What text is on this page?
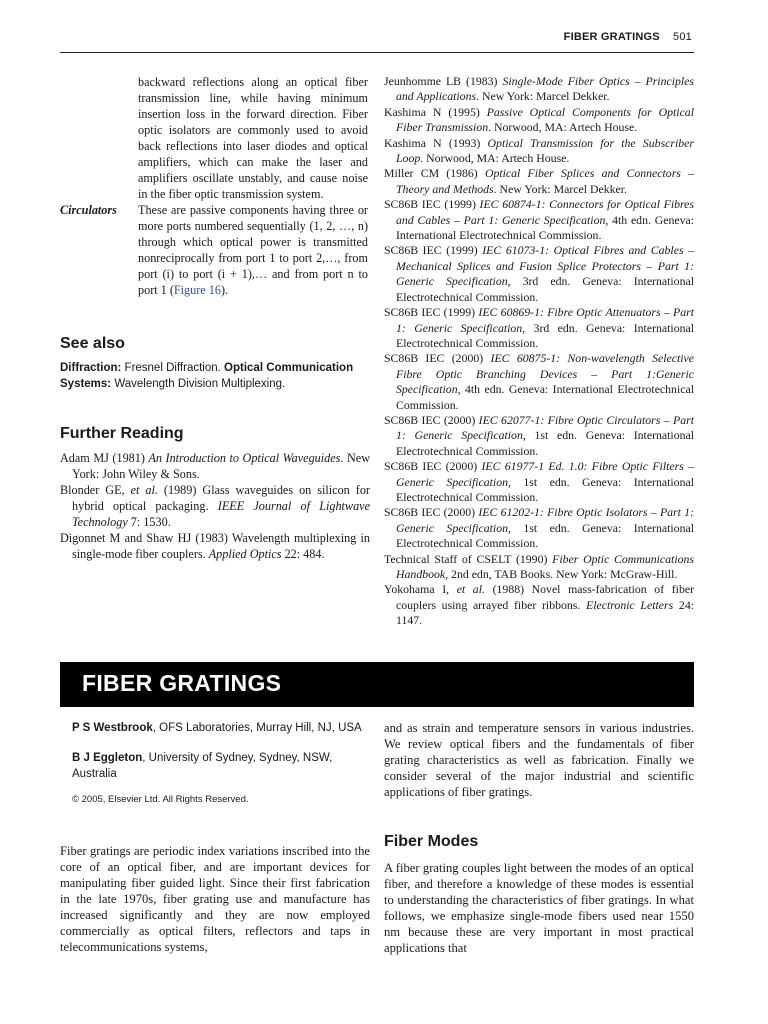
FIBER GRATINGS 501

backward reflections along an optical fiber transmission line, while having minimum insertion loss in the forward direction. Fiber optic isolators are commonly used to avoid back reflections into laser diodes and optical amplifiers, which can make the laser and amplifiers oscillate unstably, and cause noise in the fiber optic transmission system.

Circulators	These are passive components having three or more ports numbered sequentially (1, 2, …, n) through which optical power is transmitted nonreciprocally from port 1 to port 2,…, from port (i) to port (i + 1),… and from port n to port 1 (Figure 16).

See also
Diffraction: Fresnel Diffraction. Optical Communication Systems: Wavelength Division Multiplexing.
Further Reading

Adam MJ (1981) An Introduction to Optical Waveguides. New York: John Wiley & Sons.

Blonder GE, et al. (1989) Glass waveguides on silicon for hybrid optical packaging. IEEE Journal of Lightwave Technology 7: 1530.

Digonnet M and Shaw HJ (1983) Wavelength multiplexing in single-mode fiber couplers. Applied Optics 22: 484.

Jeunhomme LB (1983) Single-Mode Fiber Optics – Principles and Applications. New York: Marcel Dekker.

Kashima N (1995) Passive Optical Components for Optical Fiber Transmission. Norwood, MA: Artech House.

Kashima N (1993) Optical Transmission for the Subscriber Loop. Norwood, MA: Artech House.

Miller CM (1986) Optical Fiber Splices and Connectors – Theory and Methods. New York: Marcel Dekker.

SC86B IEC (1999) IEC 60874-1: Connectors for Optical Fibres and Cables – Part 1: Generic Specification, 4th edn. Geneva: International Electrotechnical Commission.

SC86B IEC (1999) IEC 61073-1: Optical Fibres and Cables – Mechanical Splices and Fusion Splice Protectors – Part 1: Generic Specification, 3rd edn. Geneva: International Electrotechnical Commission.

SC86B IEC (1999) IEC 60869-1: Fibre Optic Attenuators – Part 1: Generic Specification, 3rd edn. Geneva: International Electrotechnical Commission.

SC86B IEC (2000) IEC 60875-1: Non-wavelength Selective Fibre Optic Branching Devices – Part 1:Generic Specification, 4th edn. Geneva: International Electrotechnical Commission.

SC86B IEC (2000) IEC 62077-1: Fibre Optic Circulators – Part 1: Generic Specification, 1st edn. Geneva: International Electrotechnical Commission.

SC86B IEC (2000) IEC 61977-1 Ed. 1.0: Fibre Optic Filters – Generic Specification, 1st edn. Geneva: International Electrotechnical Commission.

SC86B IEC (2000) IEC 61202-1: Fibre Optic Isolators – Part 1: Generic Specification, 1st edn. Geneva: International Electrotechnical Commission.

Technical Staff of CSELT (1990) Fiber Optic Communications Handbook, 2nd edn, TAB Books. New York: McGraw-Hill.

Yokohama I, et al. (1988) Novel mass-fabrication of fiber couplers using arrayed fiber ribbons. Electronic Letters 24: 1147.

FIBER GRATINGS

P S Westbrook, OFS Laboratories, Murray Hill, NJ, USA

B J Eggleton, University of Sydney, Sydney, NSW, Australia

© 2005, Elsevier Ltd. All Rights Reserved.

Fiber gratings are periodic index variations inscribed into the core of an optical fiber, and are important devices for manipulating fiber guided light. Since their first fabrication in the late 1970s, fiber grating use and manufacture has increased significantly and they are now employed commercially as optical filters, reflectors and taps in telecommunications systems,

and as strain and temperature sensors in various industries. We review optical fibers and the fundamentals of fiber grating characteristics as well as fabrication. Finally we consider several of the major industrial and scientific applications of fiber gratings.

Fiber Modes

A fiber grating couples light between the modes of an optical fiber, and therefore a knowledge of these modes is essential to understanding the characteristics of fiber gratings. In what follows, we emphasize single-mode fibers used near 1550 nm because these are very important in most practical applications that
